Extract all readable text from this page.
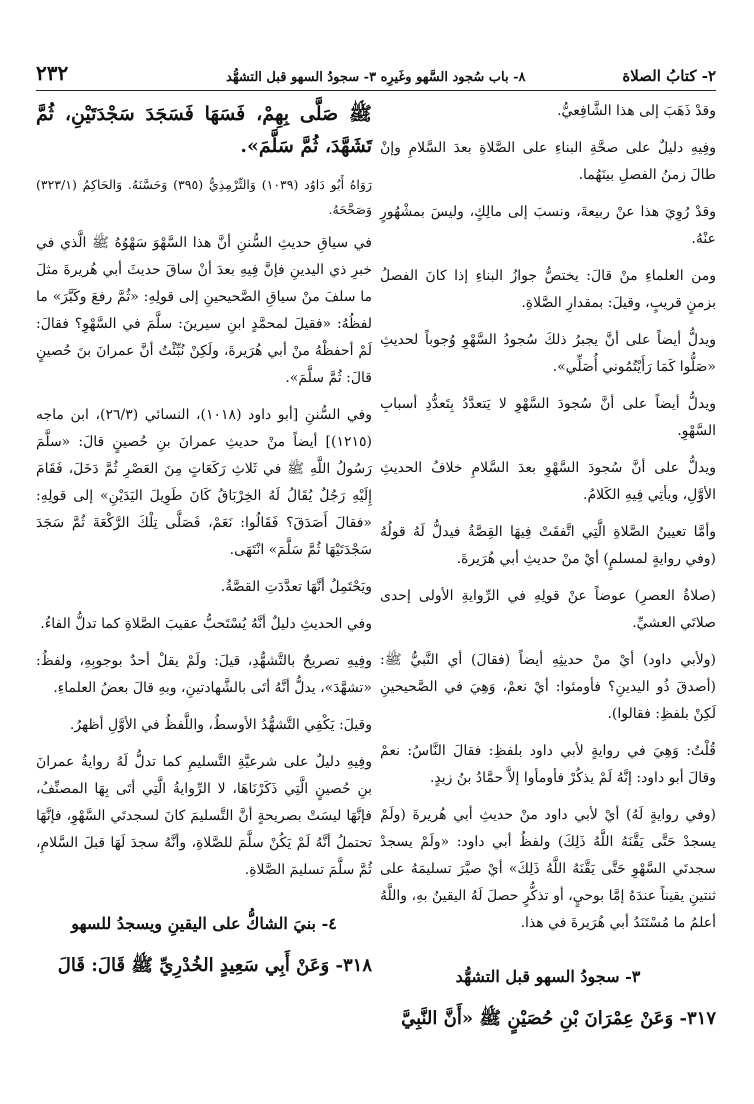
٢- كتابُ الصلاة
٨- باب سُجود السَّهو وغَيرِه ٣- سجودُ السهو قبل التشهُّد
٢٣٢

وقدْ ذَهَبَ إلى هذا الشَّافِعيُّ.

وفِيهِ دليلٌ على صحَّةِ البناءِ على الصَّلاةِ بعدَ السَّلامِ وإنْ طالَ زمنُ الفصلِ بينَهُما.

وقدْ رُوِيَ هذا عنْ ربيعةَ، ونسبَ إلى مالِكٍ، وليسَ بمشْهُورٍ عنْهُ.

ومن العلماءِ منْ قالَ: يختصُّ جوازُ البناءِ إذا كانَ الفصلُ بزمنٍ قريبٍ، وقيلَ: بمقدارِ الصَّلاةِ.

ويدلُّ أيضاً على أنَّ يجبرُ ذلكَ سُجودُ السَّهْوِ وُجوباً لحديثِ «صَلُّوا كَمَا رَأَيْتُمُوني أُصَلِّي».

ويدلُّ أيضاً على أنَّ سُجودَ السَّهْوِ لا يَتعدَّدُ بِتَعدُّدِ أسبابِ السَّهْوِ.

ويدلُّ على أنَّ سُجودَ السَّهْوِ بعدَ السَّلامِ خلافُ الحديثِ الأوَّلِ، ويأتِي فِيهِ الكَلامُ.

وأمَّا تعيينُ الصَّلاةِ الَّتِي اتَّفقَتْ فِيهَا القِصَّةُ فيدلُّ لَهُ قولُهُ (وفي روايةٍ لمسلمٍ) أيْ منْ حديثِ أبي هُرَيرةَ.

(صلاةُ العصرِ) عوضاً عنْ قولِهِ في الرِّوايةِ الأولى إحدى صلاتَي العشيِّ.

(ولأبي داود) أيْ منْ حديثِهِ أيضاً (فقالَ) أي النَّبيُّ ﷺ: (أصدقَ ذُو اليدينِ؟ فأومئوا: أيْ نعمْ، وَهِيَ في الصَّحيحينِ لَكِنْ بلفظِ: فقالوا).

قُلْتُ: وَهِيَ في روايةٍ لأبي داود بلفظِ: فقالَ النَّاسُ: نعمْ وقالَ أبو داود: إنَّهُ لَمْ يذكُرْ فأومأوا إلاَّ حمَّادُ بنُ زيدٍ.

(وفي روايةٍ لَهُ) أيْ لأبي داود منْ حديثِ أبي هُريرةَ (ولَمْ يسجدْ حَتَّى يَقَّنَهُ اللَّهُ ذَلِكَ) ولفظُ أبي داود: «ولَمْ يسجدْ سجدتَي السَّهْوِ حَتَّى يَقَّنَهُ اللَّهُ ذَلِكَ» أيْ صيَّرَ تسليمَهُ على ثنتينِ يقيناً عندَهُ إمَّا بوحيٍ، أو تذكُّرٍ حصلَ لَهُ اليقينُ بهِ، واللَّهُ أعلمُ ما مُسْتَنَدُ أبي هُرَيرةَ في هذا.

٣- سجودُ السهو قبل التشهُّد

٣١٧- وَعَنْ عِمْرَانَ بْنِ حُصَيْنٍ ﷺ «أَنَّ النَّبِيَّ

ﷺ صَلَّى بِهِمْ، فَسَهَا فَسَجَدَ سَجْدَتَيْنِ، ثُمَّ تَشَهَّدَ، ثُمَّ سَلَّمَ».

رَوَاهُ أَبُو دَاوُد (١٠٣٩) وَالتِّرْمِذِيُّ (٣٩٥) وَحَسَّنَهُ. وَالحَاكِمُ (٣٢٣/١) وَصَحَّحَهُ.

في سياقِ حديثِ السُّننِ أنَّ هذا السَّهْوَ سَهْوُهُ ﷺ الَّذي في خبرِ ذي اليدينِ فإنَّ فِيهِ بعدَ أنْ ساقَ حديثَ أبي هُريرةَ مثلَ ما سلفَ منْ سياقِ الصَّحيحينِ إلى قولِهِ: «ثُمَّ رفعَ وكَبَّرَ» ما لفظُهُ: «فقيلَ لمحمَّدٍ ابنِ سيرينَ: سلَّمَ في السَّهْوِ؟ فقالَ: لَمْ أحفظْهُ منْ أبي هُرَيرةَ، ولَكِنْ نُبِّئْتُ أنَّ عمرانَ بنَ حُصينٍ قالَ: ثُمَّ سلَّمَ».

وفي السُّننِ [أبو داود (١٠١٨)، النسائي (٢٦/٣)، ابن ماجه (١٢١٥)] أيضاً منْ حديثِ عمرانَ بنِ حُصينٍ قالَ: «سلَّمَ رَسُولُ اللَّهِ ﷺ في ثَلاثِ رَكَعَاتٍ مِنَ العَصْرِ ثُمَّ دَخَلَ، فَقَامَ إِلَيْهِ رَجُلٌ يُقَالُ لَهُ الخِرْبَاقُ كَانَ طَوِيلَ اليَدَيْنِ» إلى قولِهِ: «فقالَ أَصَدَقَ؟ فَقَالُوا: نَعَمْ، فَصَلَّى تِلْكَ الرَّكْعَةَ ثُمَّ سَجَدَ سَجْدَتَيْهَا ثُمَّ سَلَّمَ» انْتَهَى.

ويَحْتَمِلُ أنَّهَا تعدَّدَتِ القصَّةُ.

وفي الحديثِ دليلٌ أنَّهُ يُسْتَحبُّ عقيبَ الصَّلاةِ كما تدلُّ الفاءُ.

وفِيهِ تصريحٌ بالتَّشهُّدِ، قيلَ: ولَمْ يقلْ أحدٌ بوجوبِهِ، ولفظُ: «تشهَّدَ»، يدلُّ أنَّهُ أتَى بالشَّهادتينِ، وبهِ قالَ بعضُ العلماءِ.

وقيلَ: يَكْفِي التَّشهُّدُ الأوسطُ، واللَّفظُ في الأوَّلِ أظهرُ.

وفِيهِ دليلٌ على شرعيَّةِ التَّسليمِ كما تدلُّ لَهُ روايةُ عمرانَ بنِ حُصينٍ الَّتِي ذَكَرْنَاهَا، لا الرِّوايةُ الَّتِي أتَى بِهَا المصنِّفُ، فإنَّهَا ليسَتْ بصريحةٍ أنَّ التَّسليمَ كانَ لسجدتَي السَّهْوِ، فإنَّهَا تحتملُ أنَّهُ لَمْ يَكُنْ سلَّمَ للصَّلاةِ، وأنَّهُ سجدَ لَهَا قبلَ السَّلامِ، ثُمَّ سلَّمَ تسليمَ الصَّلاةِ.

٤- بنيَ الشاكُّ على اليقينِ ويسجدُ للسهو

٣١٨- وَعَنْ أَبِي سَعِيدٍ الخُدْرِيِّ ﷺ قَالَ: قَالَ
